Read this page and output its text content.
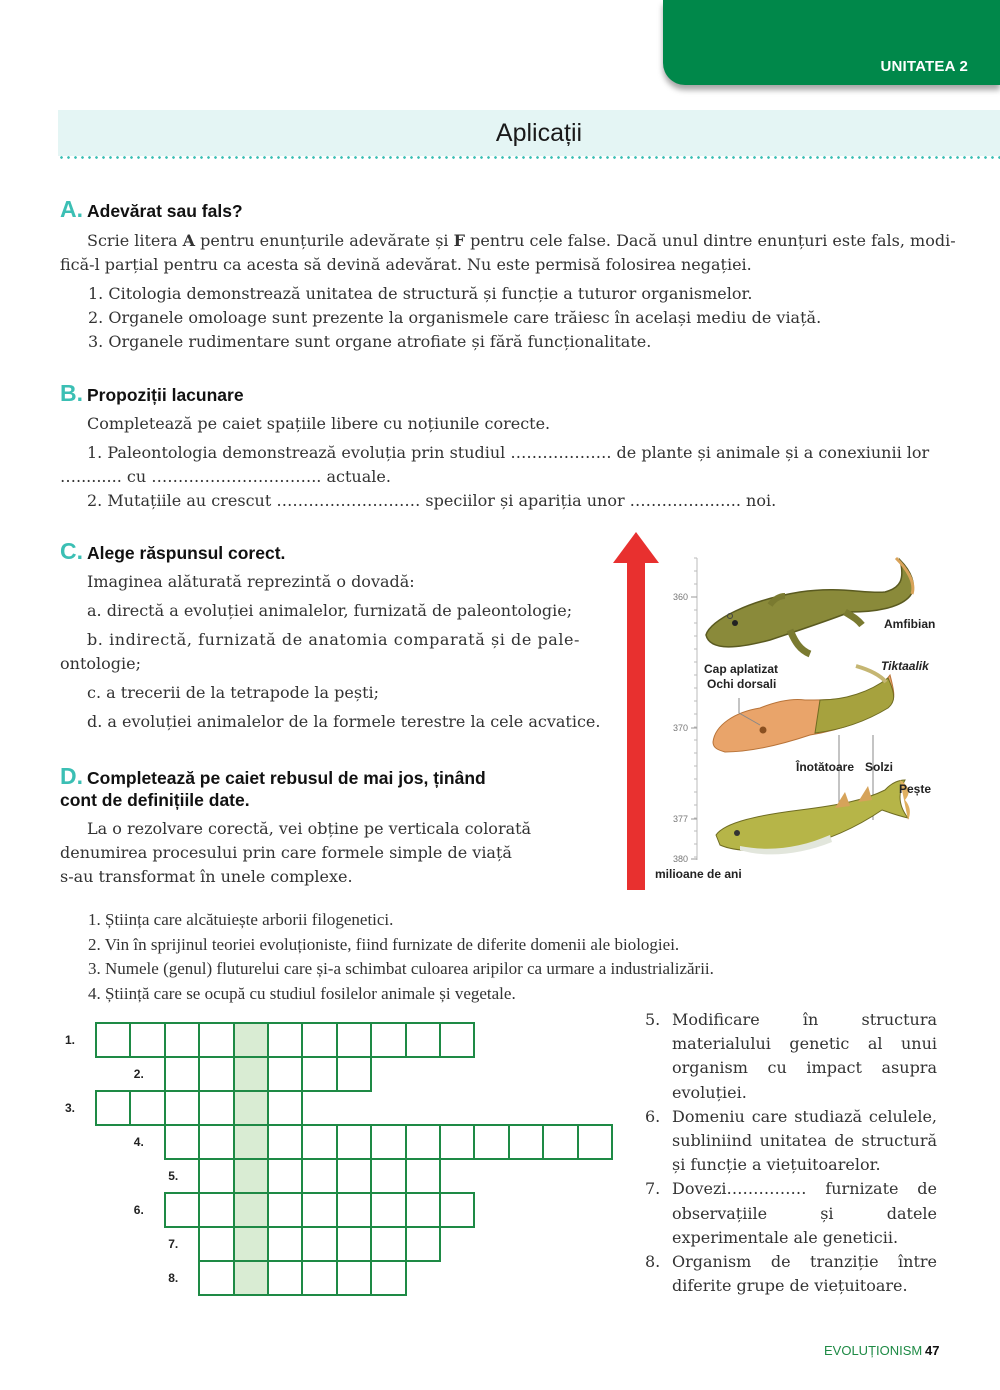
UNITATEA 2
Aplicații
A. Adevărat sau fals?
Scrie litera A pentru enunțurile adevărate și F pentru cele false. Dacă unul dintre enunțuri este fals, modi-
fică-l parțial pentru ca acesta să devină adevărat. Nu este permisă folosirea negației.
1. Citologia demonstrează unitatea de structură și funcție a tuturor organismelor.
2. Organele omoloage sunt prezente la organismele care trăiesc în același mediu de viață.
3. Organele rudimentare sunt organe atrofiate și fără funcționalitate.
B. Propoziții lacunare
Completează pe caiet spațiile libere cu noțiunile corecte.
1. Paleontologia demonstrează evoluția prin studiul ………………. de plante și animale și a conexiunii lor
…......... cu ………………………….. actuale.
2. Mutațiile au crescut ……………………… speciilor și apariția unor …………….….. noi.
C. Alege răspunsul corect.
Imaginea alăturată reprezintă o dovadă:
a. directă a evoluției animalelor, furnizată de paleontologie;
b. indirectă, furnizată de anatomia comparată și de pale-
ontologie;
c. a trecerii de la tetrapode la pești;
d. a evoluției animalelor de la formele terestre la cele acvatice.
360
370
377
380
milioane de ani
Amfibian
Cap aplatizat
Ochi dorsali
Tiktaalik
Înotătoare Solzi
Pește
D. Completează pe caiet rebusul de mai jos, ținând
cont de definițiile date.
La o rezolvare corectă, vei obține pe verticala colorată
denumirea procesului prin care formele simple de viață
s-au transformat în unele complexe.
1. Știința care alcătuiește arborii filogenetici.
2. Vin în sprijinul teoriei evoluționiste, fiind furnizate de diferite domenii ale biologiei.
3. Numele (genul) fluturelui care și-a schimbat culoarea aripilor ca urmare a industrializării.
4. Știință care se ocupă cu studiul fosilelor animale și vegetale.
5. Modificare în structura materialului genetic al unui organism cu impact asupra evoluției.
6. Domeniu care studiază celulele, subliniind unitatea de structură și funcție a viețuitoarelor.
7. Dovezi…………… furnizate de observațiile și datele experimentale ale geneticii.
8. Organism de tranziție între diferite grupe de viețuitoare.
1.
2.
3.
4.
5.
6.
7.
8.
EVOLUȚIONISM 47
